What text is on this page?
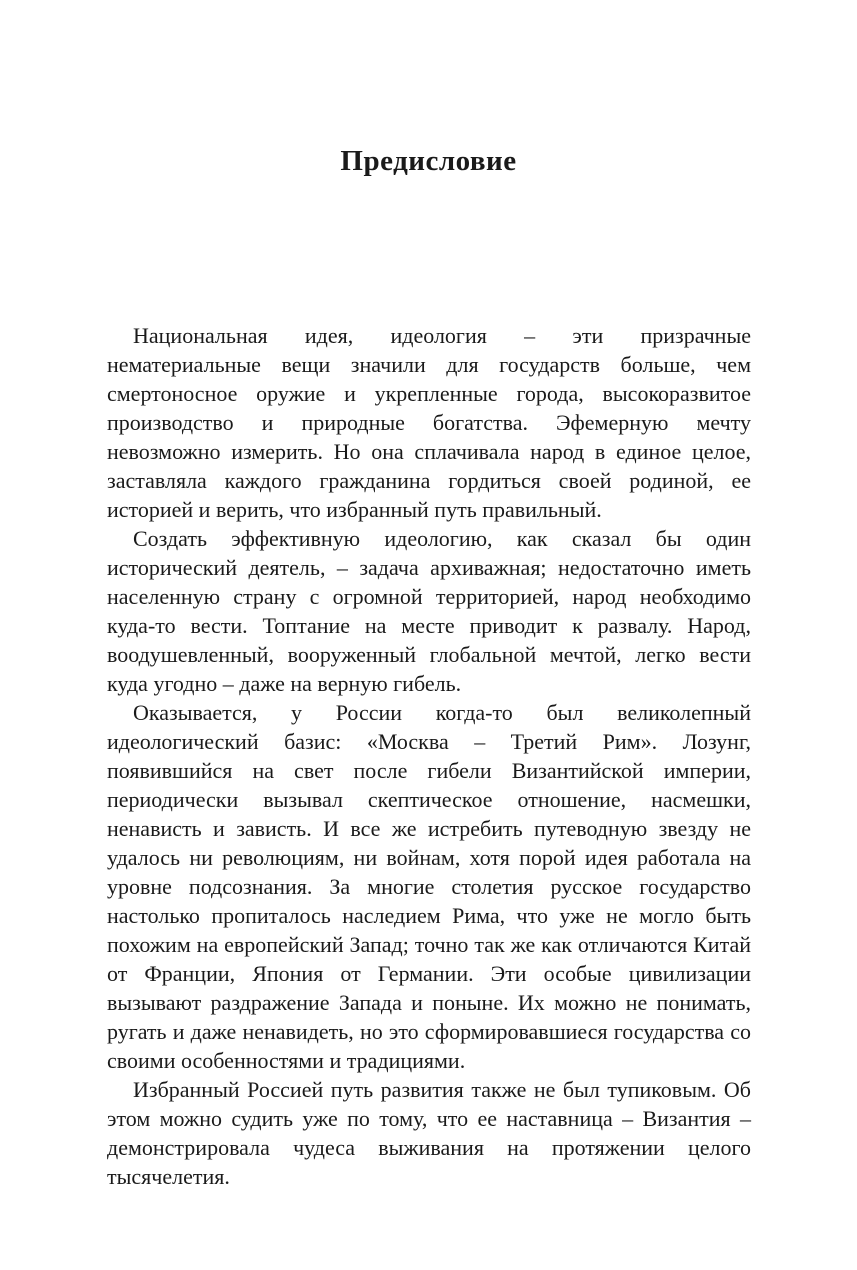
Предисловие

Национальная идея, идеология – эти призрачные нематериальные вещи значили для государств больше, чем смертоносное оружие и укрепленные города, высокоразвитое производство и природные богатства. Эфемерную мечту невозможно измерить. Но она сплачивала народ в единое целое, заставляла каждого гражданина гордиться своей родиной, ее историей и верить, что избранный путь правильный.

Создать эффективную идеологию, как сказал бы один исторический деятель, – задача архиважная; недостаточно иметь населенную страну с огромной территорией, народ необходимо куда-то вести. Топтание на месте приводит к развалу. Народ, воодушевленный, вооруженный глобальной мечтой, легко вести куда угодно – даже на верную гибель.

Оказывается, у России когда-то был великолепный идеологический базис: «Москва – Третий Рим». Лозунг, появившийся на свет после гибели Византийской империи, периодически вызывал скептическое отношение, насмешки, ненависть и зависть. И все же истребить путеводную звезду не удалось ни революциям, ни войнам, хотя порой идея работала на уровне подсознания. За многие столетия русское государство настолько пропиталось наследием Рима, что уже не могло быть похожим на европейский Запад; точно так же как отличаются Китай от Франции, Япония от Германии. Эти особые цивилизации вызывают раздражение Запада и поныне. Их можно не понимать, ругать и даже ненавидеть, но это сформировавшиеся государства со своими особенностями и традициями.

Избранный Россией путь развития также не был тупиковым. Об этом можно судить уже по тому, что ее наставница – Византия – демонстрировала чудеса выживания на протяжении целого тысячелетия.
